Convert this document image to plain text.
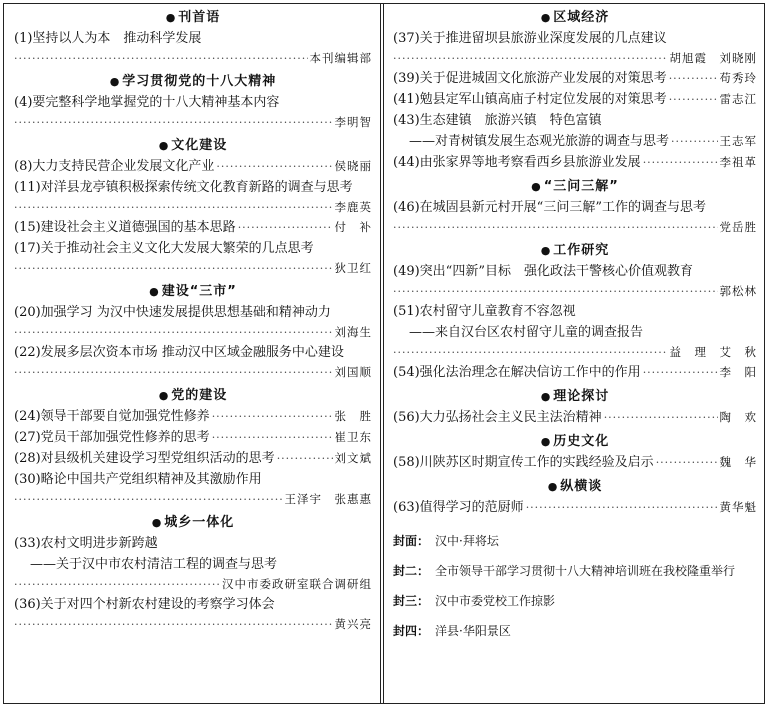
● 刊首语
(1)坚持以人为本　推动科学发展
·····
本刊编辑部
● 学习贯彻党的十八大精神
(4)要完整科学地掌握党的十八大精神基本内容
·····
李明智
● 文化建设
(8)大力支持民营企业发展文化产业 ·····	侯晓丽
(11)对洋县龙亭镇积极探索传统文化教育新路的调查与思考
·····
李鹿英
(15)建设社会主义道德强国的基本思路 ·····	付　补
(17)关于推动社会主义文化大发展大繁荣的几点思考
·····
狄卫红
● 建设“三市”
(20)加强学习 为汉中快速发展提供思想基础和精神动力
·····
刘海生
(22)发展多层次资本市场 推动汉中区域金融服务中心建设
·····
刘国顺
● 党的建设
(24)领导干部要自觉加强党性修养 ·····	张　胜
(27)党员干部加强党性修养的思考 ·····	崔卫东
(28)对县级机关建设学习型党组织活动的思考 ·····	刘文斌
(30)略论中国共产党组织精神及其激励作用
·····
王泽宇　张惠惠
● 城乡一体化
(33)农村文明进步新跨越
——关于汉中市农村清洁工程的调查与思考
·····
汉中市委政研室联合调研组
(36)关于对四个村新农村建设的考察学习体会
·····
黄兴亮
● 区域经济
(37)关于推进留坝县旅游业深度发展的几点建议
·····
胡旭霞　刘晓刚
(39)关于促进城固文化旅游产业发展的对策思考 ·····	苟秀玲
(41)勉县定军山镇高庙子村定位发展的对策思考 ·····	雷志江
(43)生态建镇　旅游兴镇　特色富镇
——对青树镇发展生态观光旅游的调查与思考 ·····	王志军
(44)由张家界等地考察看西乡县旅游业发展 ·····	李祖革
● “三问三解”
(46)在城固县新元村开展“三问三解”工作的调查与思考
·····
党岳胜
● 工作研究
(49)突出“四新”目标　强化政法干警核心价值观教育
·····
郭松林
(51)农村留守儿童教育不容忽视
——来自汉台区农村留守儿童的调查报告
·····
益　理　艾　秋
(54)强化法治理念在解决信访工作中的作用 ·····	李　阳
● 理论探讨
(56)大力弘扬社会主义民主法治精神 ·····	陶　欢
● 历史文化
(58)川陕苏区时期宣传工作的实践经验及启示 ·····	魏　华
● 纵横谈
(63)值得学习的范厨师 ·····	黄华魁
封面： 汉中·拜将坛
封二： 全市领导干部学习贯彻十八大精神培训班在我校隆重举行
封三： 汉中市委党校工作掠影
封四： 洋县·华阳景区
